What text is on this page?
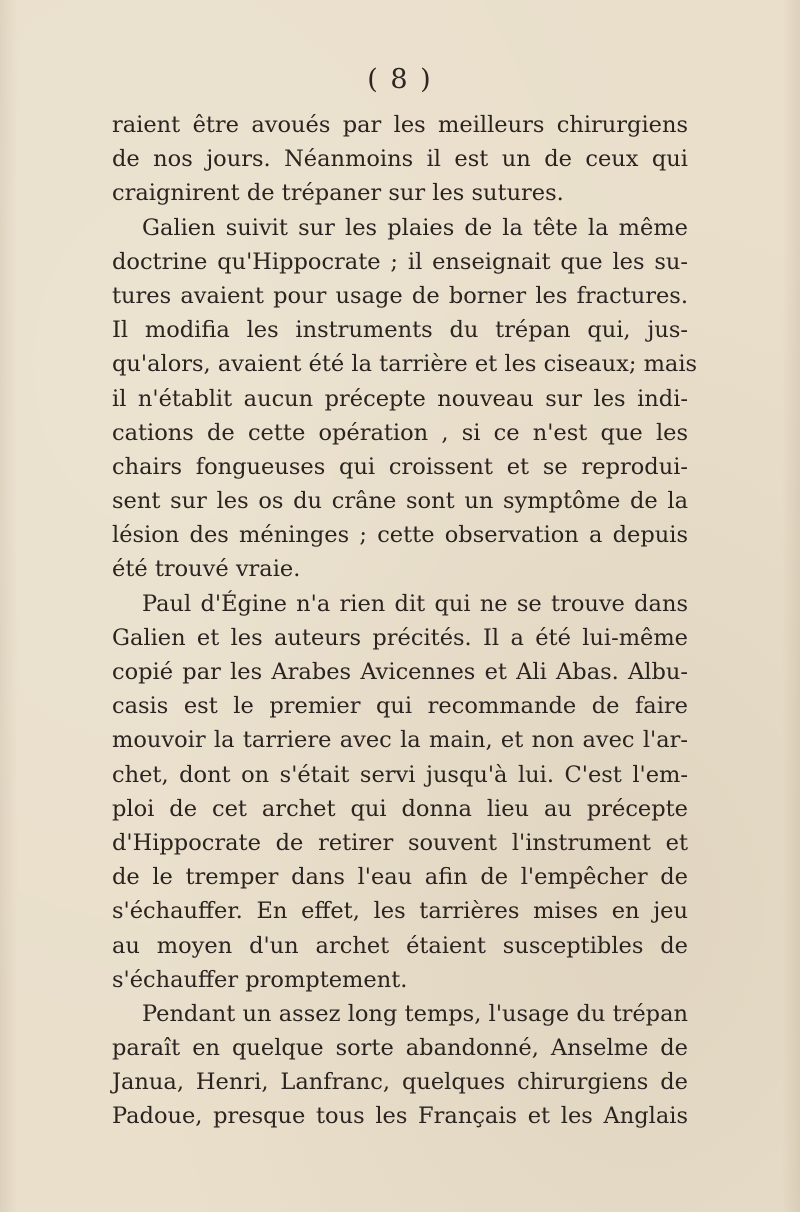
( 8 )
raient être avoués par les meilleurs chirurgiens
de nos jours. Néanmoins il est un de ceux qui
craignirent de trépaner sur les sutures.
Galien suivit sur les plaies de la tête la même
doctrine qu'Hippocrate ; il enseignait que les su-
tures avaient pour usage de borner les fractures.
Il modifia les instruments du trépan qui, jus-
qu'alors, avaient été la tarrière et les ciseaux; mais
il n'établit aucun précepte nouveau sur les indi-
cations de cette opération , si ce n'est que les
chairs fongueuses qui croissent et se reprodui-
sent sur les os du crâne sont un symptôme de la
lésion des méninges ; cette observation a depuis
été trouvé vraie.
Paul d'Égine n'a rien dit qui ne se trouve dans
Galien et les auteurs précités. Il a été lui-même
copié par les Arabes Avicennes et Ali Abas. Albu-
casis est le premier qui recommande de faire
mouvoir la tarriere avec la main, et non avec l'ar-
chet, dont on s'était servi jusqu'à lui. C'est l'em-
ploi de cet archet qui donna lieu au précepte
d'Hippocrate de retirer souvent l'instrument et
de le tremper dans l'eau afin de l'empêcher de
s'échauffer. En effet, les tarrières mises en jeu
au moyen d'un archet étaient susceptibles de
s'échauffer promptement.
Pendant un assez long temps, l'usage du trépan
paraît en quelque sorte abandonné, Anselme de
Janua, Henri, Lanfranc, quelques chirurgiens de
Padoue, presque tous les Français et les Anglais
